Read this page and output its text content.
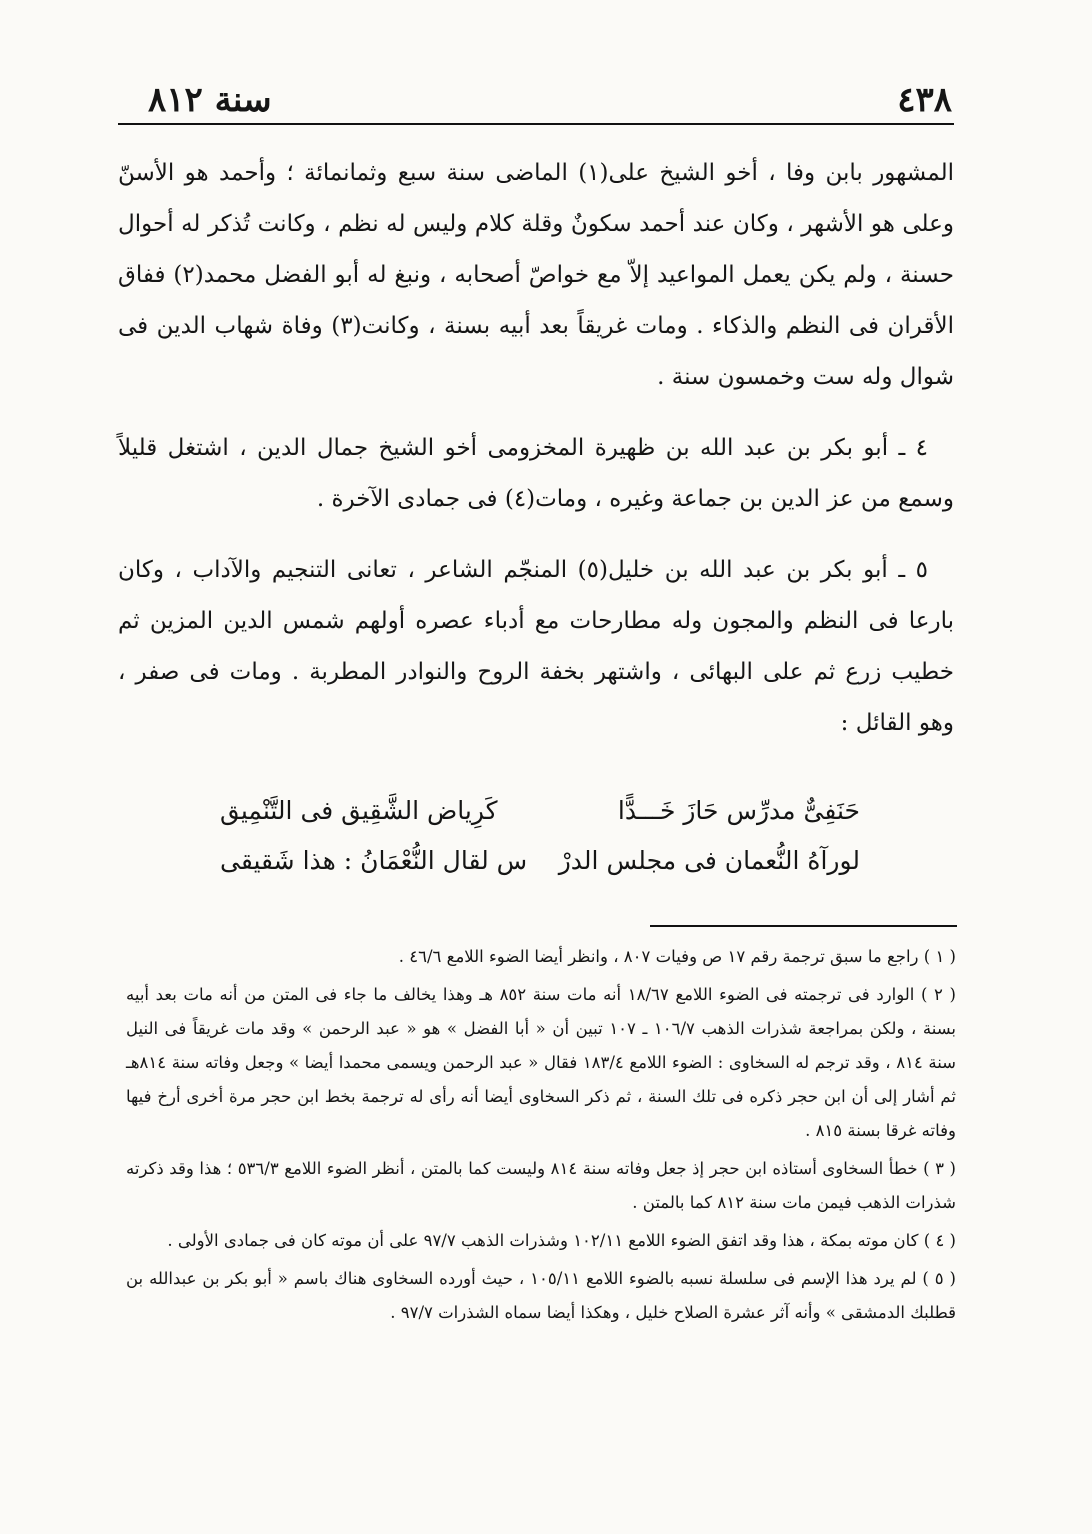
سنة ٨١٢	٤٣٨

المشهور بابن وفا ، أخو الشيخ على(١) الماضى سنة سبع وثمانمائة ؛ وأحمد هو الأسنّ وعلى هو الأشهر ، وكان عند أحمد سكونٌ وقلة كلام وليس له نظم ، وكانت تُذكر له أحوال حسنة ، ولم يكن يعمل المواعيد إلاّ مع خواصّ أصحابه ، ونبغ له أبو الفضل محمد(٢) ففاق الأقران فى النظم والذكاء . ومات غريقاً بعد أبيه بسنة ، وكانت(٣) وفاة شهاب الدين فى شوال وله ست وخمسون سنة .

٤ ـ أبو بكر بن عبد الله بن ظهيرة المخزومى أخو الشيخ جمال الدين ، اشتغل قليلاً وسمع من عز الدين بن جماعة وغيره ، ومات(٤) فى جمادى الآخرة .

٥ ـ أبو بكر بن عبد الله بن خليل(٥) المنجّم الشاعر ، تعانى التنجيم والآداب ، وكان بارعا فى النظم والمجون وله مطارحات مع أدباء عصره أولهم شمس الدين المزين ثم خطيب زرع ثم على البهائى ، واشتهر بخفة الروح والنوادر المطربة . ومات فى صفر ، وهو القائل :

حَنَفِىٌّ مدرِّس حَازَ خَـــدًّا
كَرِياض الشَّقِيق فى التَّنْمِيق
لورآهُ النُّعمان فى مجلس الدرْ
س لقال النُّعْمَانُ : هذا شَقيقى

( ١ ) راجع ما سبق ترجمة رقم ١٧ ص وفيات ٨٠٧ ، وانظر أيضا الضوء اللامع ٤٦/٦ .

( ٢ ) الوارد فى ترجمته فى الضوء اللامع ١٨/٦٧ أنه مات سنة ٨٥٢ هـ وهذا يخالف ما جاء فى المتن من أنه مات بعد أبيه بسنة ، ولكن بمراجعة شذرات الذهب ١٠٦/٧ ـ ١٠٧ تبين أن « أبا الفضل » هو « عبد الرحمن » وقد مات غريقاً فى النيل سنة ٨١٤ ، وقد ترجم له السخاوى : الضوء اللامع ١٨٣/٤ فقال « عبد الرحمن ويسمى محمدا أيضا » وجعل وفاته سنة ٨١٤هـ ثم أشار إلى أن ابن حجر ذكره فى تلك السنة ، ثم ذكر السخاوى أيضا أنه رأى له ترجمة بخط ابن حجر مرة أخرى أرخ فيها وفاته غرقا بسنة ٨١٥ .

( ٣ ) خطأ السخاوى أستاذه ابن حجر إذ جعل وفاته سنة ٨١٤ وليست كما بالمتن ، أنظر الضوء اللامع ٥٣٦/٣ ؛ هذا وقد ذكرته شذرات الذهب فيمن مات سنة ٨١٢ كما بالمتن .

( ٤ ) كان موته بمكة ، هذا وقد اتفق الضوء اللامع ١٠٢/١١ وشذرات الذهب ٩٧/٧ على أن موته كان فى جمادى الأولى .

( ٥ ) لم يرد هذا الإسم فى سلسلة نسبه بالضوء اللامع ١٠٥/١١ ، حيث أورده السخاوى هناك باسم « أبو بكر بن عبدالله بن قطلبك الدمشقى » وأنه آثر عشرة الصلاح خليل ، وهكذا أيضا سماه الشذرات ٩٧/٧ .
